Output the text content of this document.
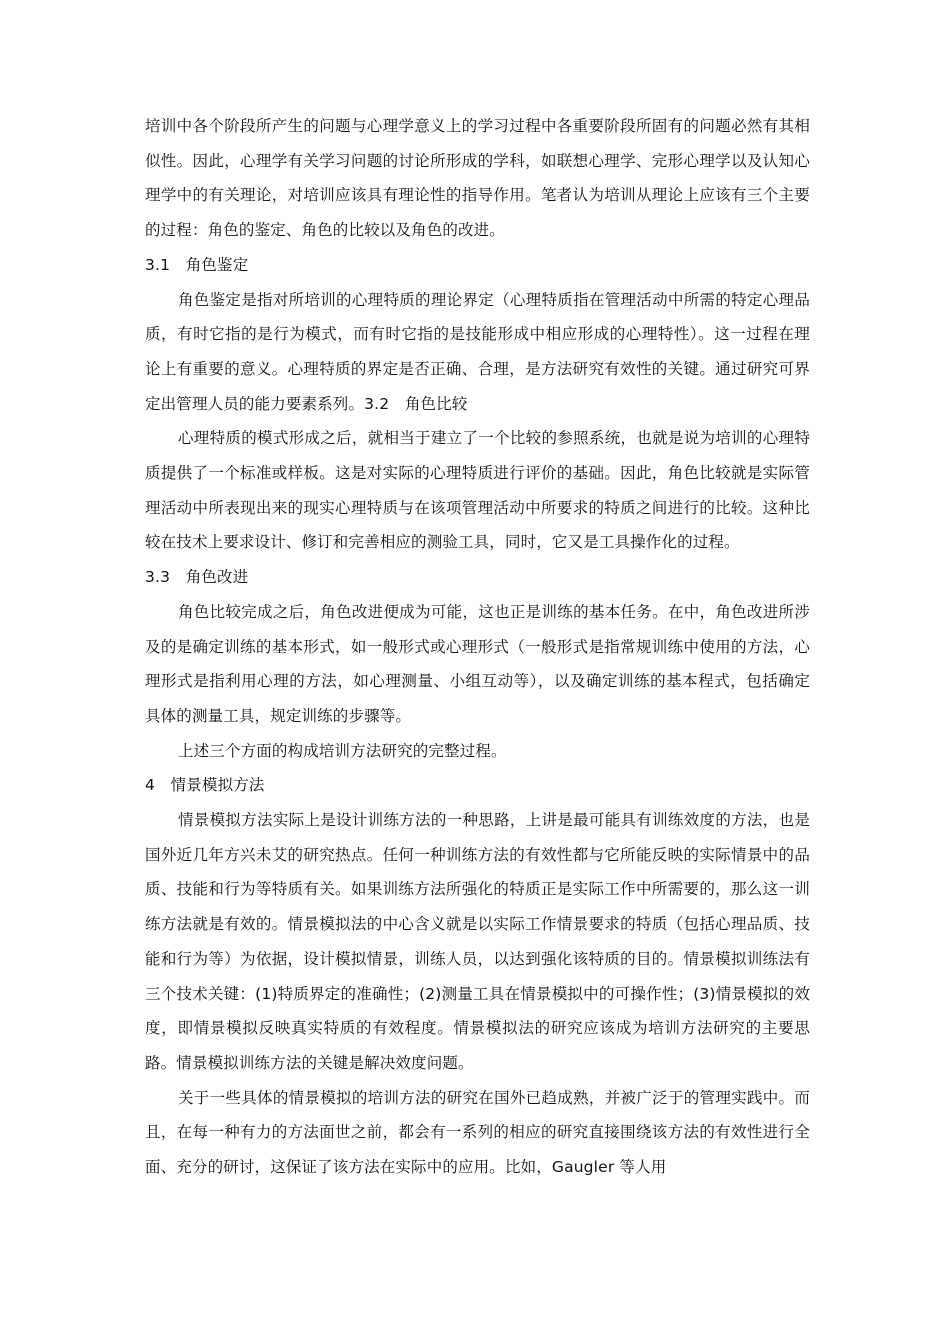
培训中各个阶段所产生的问题与心理学意义上的学习过程中各重要阶段所固有的问题必然有其相似性。因此，心理学有关学习问题的讨论所形成的学科，如联想心理学、完形心理学以及认知心理学中的有关理论，对培训应该具有理论性的指导作用。笔者认为培训从理论上应该有三个主要的过程：角色的鉴定、角色的比较以及角色的改进。

3.1　角色鉴定

角色鉴定是指对所培训的心理特质的理论界定（心理特质指在管理活动中所需的特定心理品质，有时它指的是行为模式，而有时它指的是技能形成中相应形成的心理特性）。这一过程在理论上有重要的意义。心理特质的界定是否正确、合理，是方法研究有效性的关键。通过研究可界定出管理人员的能力要素系列。3.2　角色比较

心理特质的模式形成之后，就相当于建立了一个比较的参照系统，也就是说为培训的心理特质提供了一个标准或样板。这是对实际的心理特质进行评价的基础。因此，角色比较就是实际管理活动中所表现出来的现实心理特质与在该项管理活动中所要求的特质之间进行的比较。这种比较在技术上要求设计、修订和完善相应的测验工具，同时，它又是工具操作化的过程。

3.3　角色改进

角色比较完成之后，角色改进便成为可能，这也正是训练的基本任务。在中，角色改进所涉及的是确定训练的基本形式，如一般形式或心理形式（一般形式是指常规训练中使用的方法，心理形式是指利用心理的方法，如心理测量、小组互动等），以及确定训练的基本程式，包括确定具体的测量工具，规定训练的步骤等。

上述三个方面的构成培训方法研究的完整过程。

4　情景模拟方法

情景模拟方法实际上是设计训练方法的一种思路，上讲是最可能具有训练效度的方法，也是国外近几年方兴未艾的研究热点。任何一种训练方法的有效性都与它所能反映的实际情景中的品质、技能和行为等特质有关。如果训练方法所强化的特质正是实际工作中所需要的，那么这一训练方法就是有效的。情景模拟法的中心含义就是以实际工作情景要求的特质（包括心理品质、技能和行为等）为依据，设计模拟情景，训练人员，以达到强化该特质的目的。情景模拟训练法有三个技术关键：(1)特质界定的准确性；(2)测量工具在情景模拟中的可操作性；(3)情景模拟的效度，即情景模拟反映真实特质的有效程度。情景模拟法的研究应该成为培训方法研究的主要思路。情景模拟训练方法的关键是解决效度问题。

关于一些具体的情景模拟的培训方法的研究在国外已趋成熟，并被广泛于的管理实践中。而且，在每一种有力的方法面世之前，都会有一系列的相应的研究直接围绕该方法的有效性进行全面、充分的研讨，这保证了该方法在实际中的应用。比如，Gaugler 等人用
